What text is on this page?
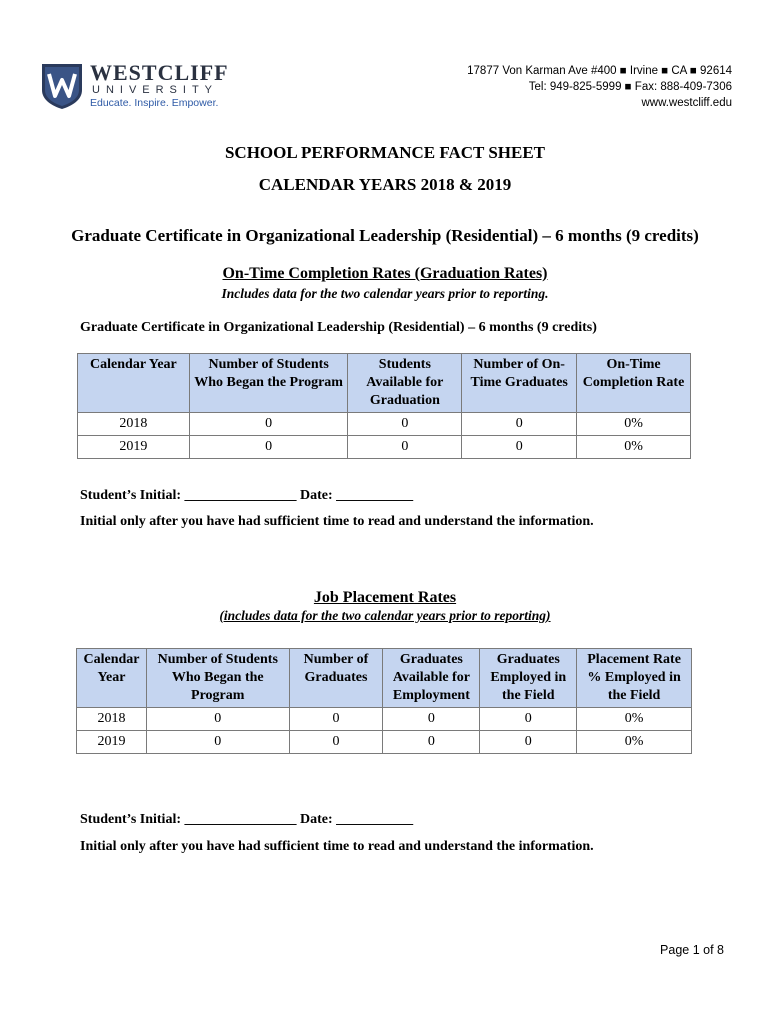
WESTCLIFF
UNIVERSITY
Educate. Inspire. Empower.
17877 Von Karman Ave #400 ■ Irvine ■ CA ■ 92614
Tel: 949-825-5999 ■ Fax: 888-409-7306
www.westcliff.edu
SCHOOL PERFORMANCE FACT SHEET
CALENDAR YEARS 2018 & 2019
Graduate Certificate in Organizational Leadership (Residential) – 6 months (9 credits)
On-Time Completion Rates (Graduation Rates)
Includes data for the two calendar years prior to reporting.
Graduate Certificate in Organizational Leadership (Residential) – 6 months (9 credits)
Calendar Year	Number of Students Who Began the Program	Students Available for Graduation	Number of On-Time Graduates	On-Time Completion Rate
2018	0	0	0	0%
2019	0	0	0	0%
Student’s Initial: ________________ Date: ___________
Initial only after you have had sufficient time to read and understand the information.
Job Placement Rates
(includes data for the two calendar years prior to reporting)
Calendar Year	Number of Students Who Began the Program	Number of Graduates	Graduates Available for Employment	Graduates Employed in the Field	Placement Rate % Employed in the Field
2018	0	0	0	0	0%
2019	0	0	0	0	0%
Student’s Initial: ________________ Date: ___________
Initial only after you have had sufficient time to read and understand the information.
Page 1 of 8
